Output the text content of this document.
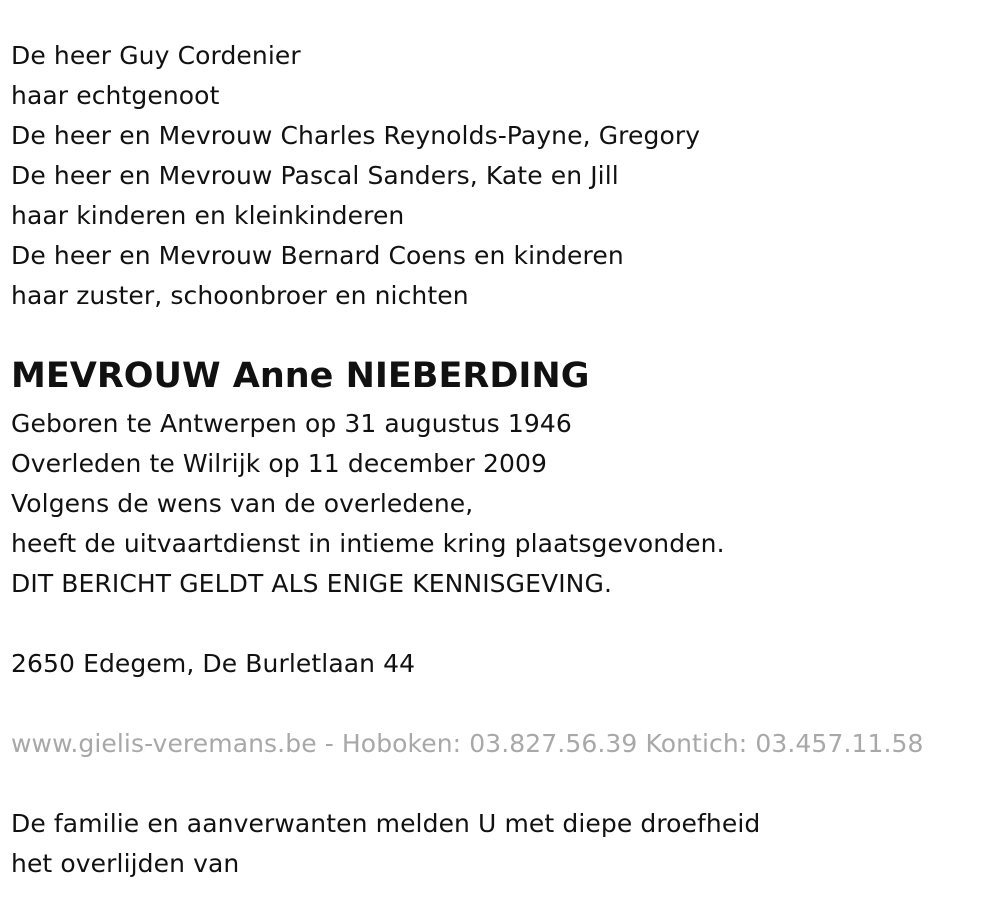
De heer Guy Cordenier
haar echtgenoot
De heer en Mevrouw Charles Reynolds-Payne, Gregory
De heer en Mevrouw Pascal Sanders, Kate en Jill
haar kinderen en kleinkinderen
De heer en Mevrouw Bernard Coens en kinderen
haar zuster, schoonbroer en nichten
MEVROUW Anne NIEBERDING
Geboren te Antwerpen op 31 augustus 1946
Overleden te Wilrijk op 11 december 2009
Volgens de wens van de overledene,
heeft de uitvaartdienst in intieme kring plaatsgevonden.
DIT BERICHT GELDT ALS ENIGE KENNISGEVING.
2650 Edegem, De Burletlaan 44
www.gielis-veremans.be - Hoboken: 03.827.56.39 Kontich: 03.457.11.58
De familie en aanverwanten melden U met diepe droefheid
het overlijden van
